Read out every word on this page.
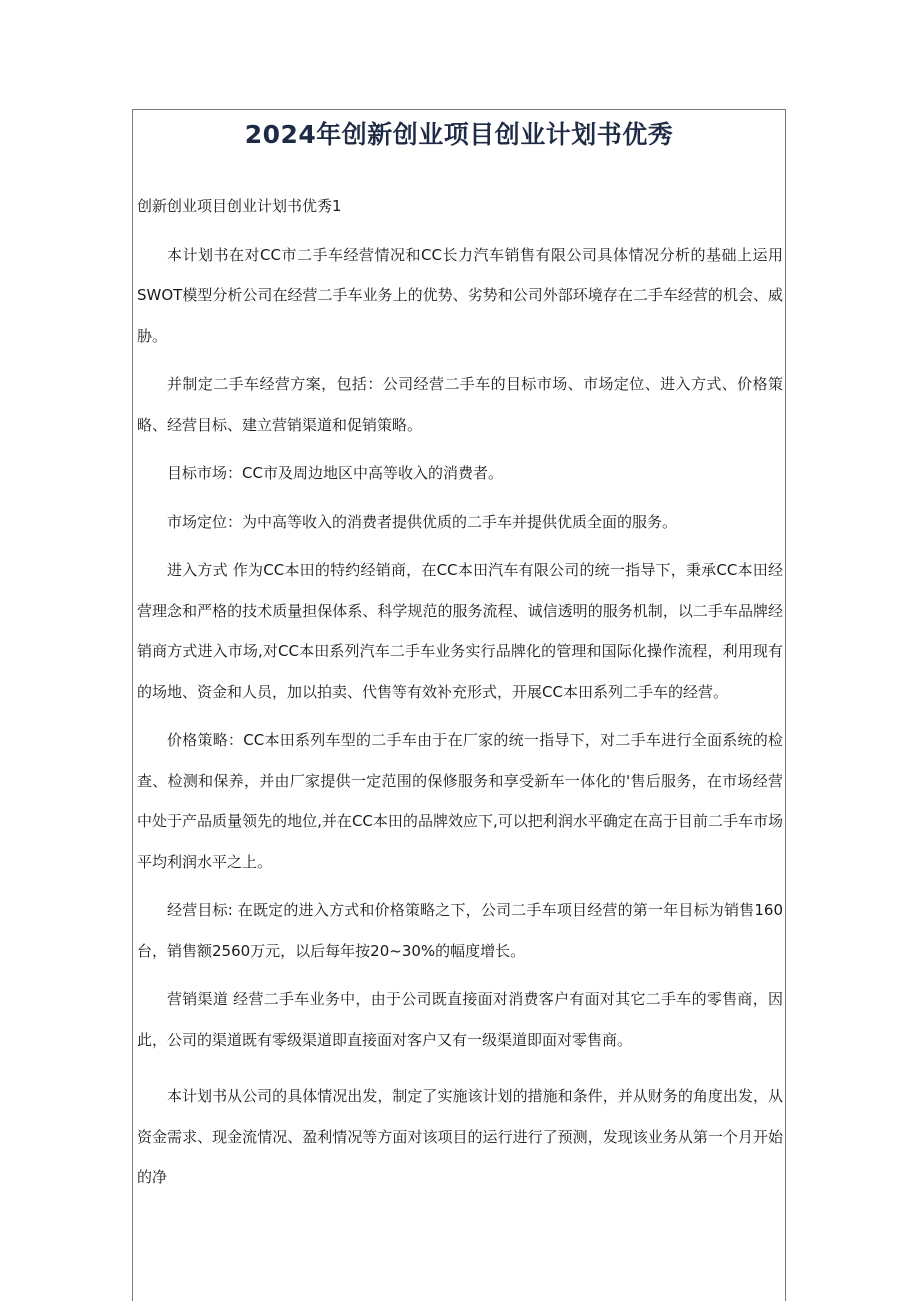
2024年创新创业项目创业计划书优秀
创新创业项目创业计划书优秀1

本计划书在对CC市二手车经营情况和CC长力汽车销售有限公司具体情况分析的基础上运用SWOT模型分析公司在经营二手车业务上的优势、劣势和公司外部环境存在二手车经营的机会、威胁。

并制定二手车经营方案，包括：公司经营二手车的目标市场、市场定位、进入方式、价格策略、经营目标、建立营销渠道和促销策略。

目标市场：CC市及周边地区中高等收入的消费者。

市场定位：为中高等收入的消费者提供优质的二手车并提供优质全面的服务。

进入方式 作为CC本田的特约经销商，在CC本田汽车有限公司的统一指导下，秉承CC本田经营理念和严格的技术质量担保体系、科学规范的服务流程、诚信透明的服务机制，以二手车品牌经销商方式进入市场,对CC本田系列汽车二手车业务实行品牌化的管理和国际化操作流程，利用现有的场地、资金和人员，加以拍卖、代售等有效补充形式，开展CC本田系列二手车的经营。

价格策略：CC本田系列车型的二手车由于在厂家的统一指导下，对二手车进行全面系统的检查、检测和保养，并由厂家提供一定范围的保修服务和享受新车一体化的'售后服务，在市场经营中处于产品质量领先的地位,并在CC本田的品牌效应下,可以把利润水平确定在高于目前二手车市场平均利润水平之上。

经营目标: 在既定的进入方式和价格策略之下，公司二手车项目经营的第一年目标为销售160台，销售额2560万元，以后每年按20~30%的幅度增长。

营销渠道 经营二手车业务中，由于公司既直接面对消费客户有面对其它二手车的零售商，因此，公司的渠道既有零级渠道即直接面对客户又有一级渠道即面对零售商。

本计划书从公司的具体情况出发，制定了实施该计划的措施和条件，并从财务的角度出发，从资金需求、现金流情况、盈利情况等方面对该项目的运行进行了预测，发现该业务从第一个月开始的净
